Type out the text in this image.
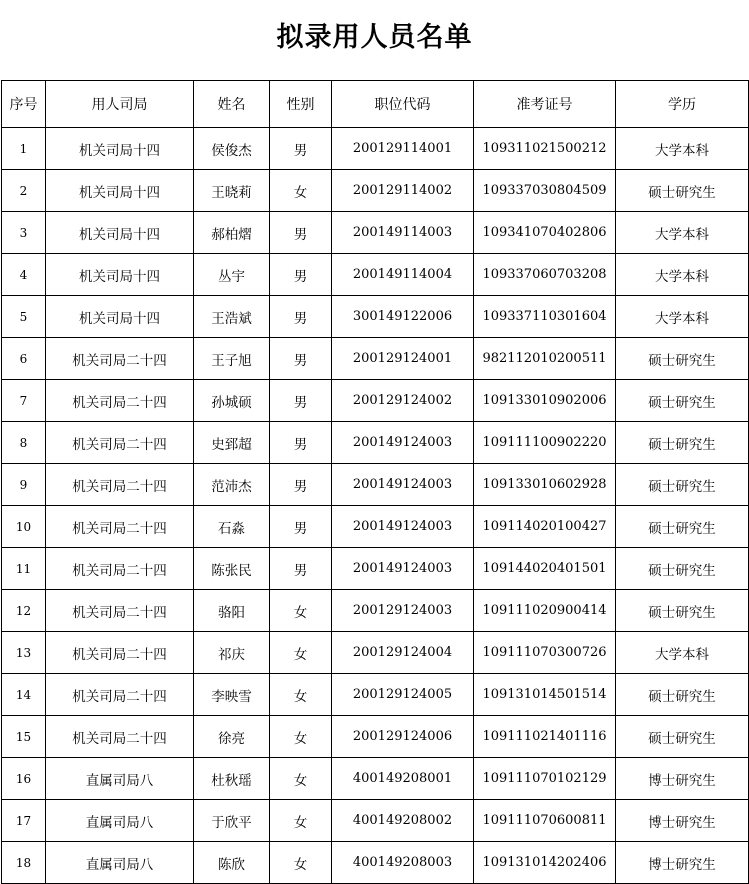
拟录用人员名单
序号	用人司局	姓名	性别	职位代码	准考证号	学历
1	机关司局十四	侯俊杰	男	200129114001	109311021500212	大学本科
2	机关司局十四	王晓莉	女	200129114002	109337030804509	硕士研究生
3	机关司局十四	郝柏熠	男	200149114003	109341070402806	大学本科
4	机关司局十四	丛宇	男	200149114004	109337060703208	大学本科
5	机关司局十四	王浩斌	男	300149122006	109337110301604	大学本科
6	机关司局二十四	王子旭	男	200129124001	982112010200511	硕士研究生
7	机关司局二十四	孙城硕	男	200129124002	109133010902006	硕士研究生
8	机关司局二十四	史郅超	男	200149124003	109111100902220	硕士研究生
9	机关司局二十四	范沛杰	男	200149124003	109133010602928	硕士研究生
10	机关司局二十四	石淼	男	200149124003	109114020100427	硕士研究生
11	机关司局二十四	陈张民	男	200149124003	109144020401501	硕士研究生
12	机关司局二十四	骆阳	女	200129124003	109111020900414	硕士研究生
13	机关司局二十四	祁庆	女	200129124004	109111070300726	大学本科
14	机关司局二十四	李映雪	女	200129124005	109131014501514	硕士研究生
15	机关司局二十四	徐亮	女	200129124006	109111021401116	硕士研究生
16	直属司局八	杜秋瑶	女	400149208001	109111070102129	博士研究生
17	直属司局八	于欣平	女	400149208002	109111070600811	博士研究生
18	直属司局八	陈欣	女	400149208003	109131014202406	博士研究生
